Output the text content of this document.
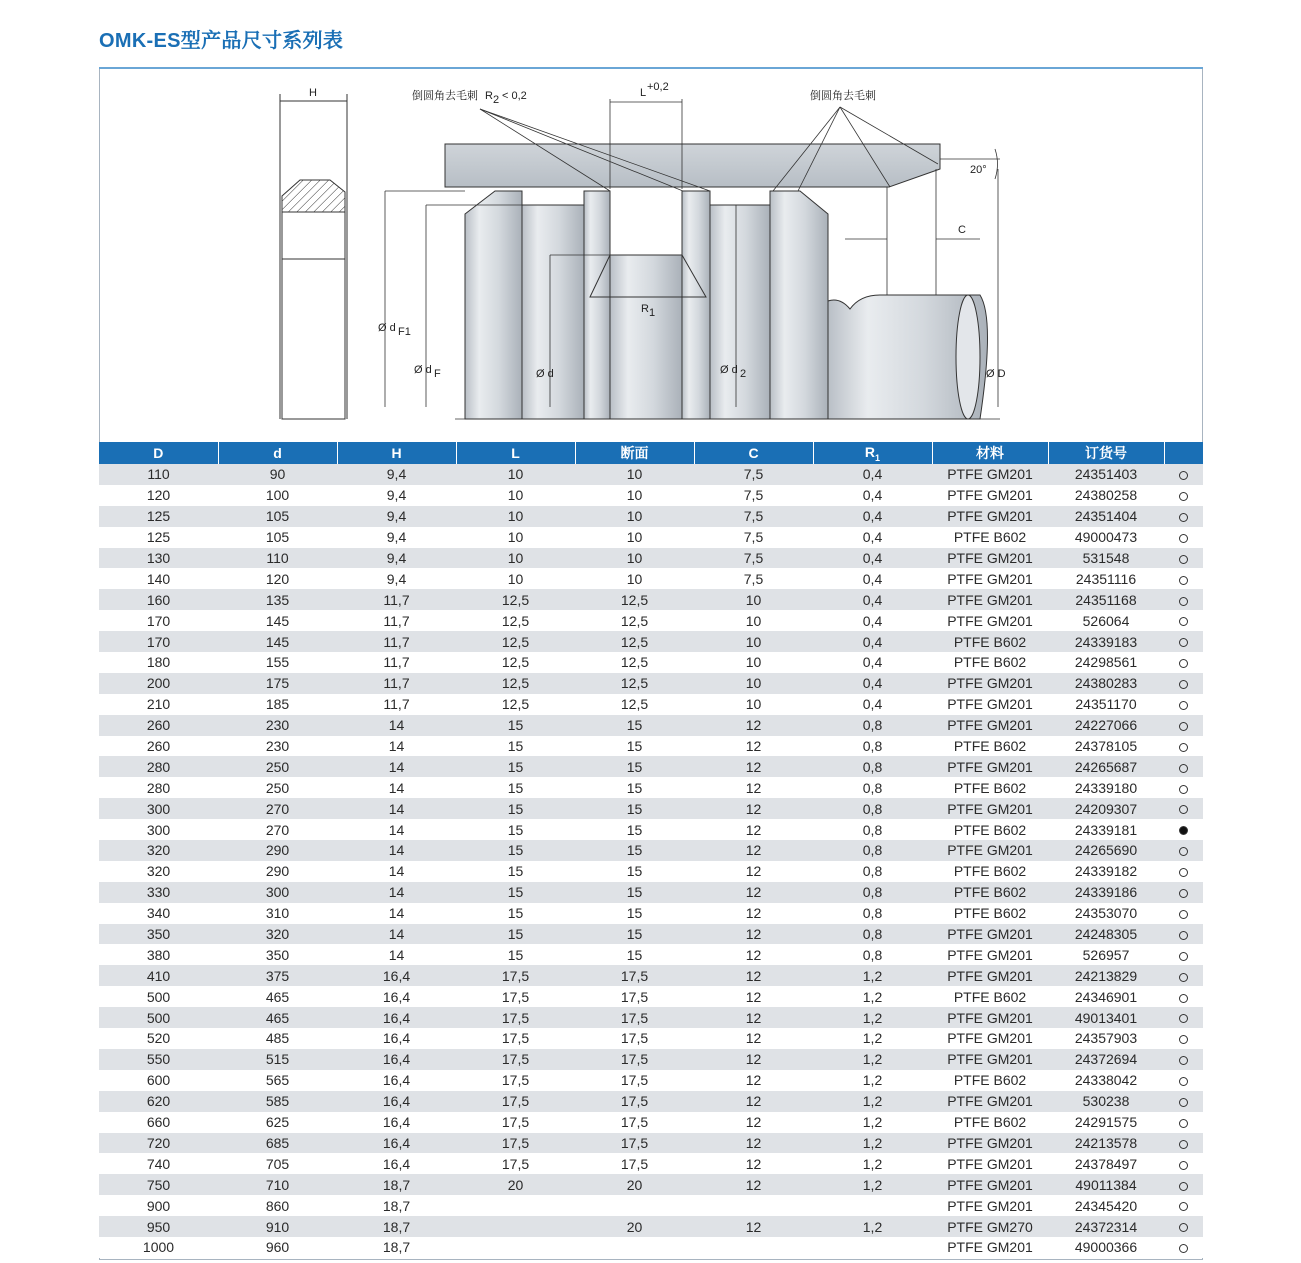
OMK-ES型产品尺寸系列表
H	倒圆角去毛刺 R 2 < 0,2	L +0,2
倒圆角去毛刺
20°
C
R 1
Ø d F1
Ø d F	Ø d	Ø d 2	Ø D
D	d	H	L	断面	C	$R_1$	材料	订货号	
110	90	9,4	10	10	7,5	0,4	PTFE GM201	24351403	
120	100	9,4	10	10	7,5	0,4	PTFE GM201	24380258	
125	105	9,4	10	10	7,5	0,4	PTFE GM201	24351404	
125	105	9,4	10	10	7,5	0,4	PTFE B602	49000473	
130	110	9,4	10	10	7,5	0,4	PTFE GM201	531548	
140	120	9,4	10	10	7,5	0,4	PTFE GM201	24351116	
160	135	11,7	12,5	12,5	10	0,4	PTFE GM201	24351168	
170	145	11,7	12,5	12,5	10	0,4	PTFE GM201	526064	
170	145	11,7	12,5	12,5	10	0,4	PTFE B602	24339183	
180	155	11,7	12,5	12,5	10	0,4	PTFE B602	24298561	
200	175	11,7	12,5	12,5	10	0,4	PTFE GM201	24380283	
210	185	11,7	12,5	12,5	10	0,4	PTFE GM201	24351170	
260	230	14	15	15	12	0,8	PTFE GM201	24227066	
260	230	14	15	15	12	0,8	PTFE B602	24378105	
280	250	14	15	15	12	0,8	PTFE GM201	24265687	
280	250	14	15	15	12	0,8	PTFE B602	24339180	
300	270	14	15	15	12	0,8	PTFE GM201	24209307	
300	270	14	15	15	12	0,8	PTFE B602	24339181	
320	290	14	15	15	12	0,8	PTFE GM201	24265690	
320	290	14	15	15	12	0,8	PTFE B602	24339182	
330	300	14	15	15	12	0,8	PTFE B602	24339186	
340	310	14	15	15	12	0,8	PTFE B602	24353070	
350	320	14	15	15	12	0,8	PTFE GM201	24248305	
380	350	14	15	15	12	0,8	PTFE GM201	526957	
410	375	16,4	17,5	17,5	12	1,2	PTFE GM201	24213829	
500	465	16,4	17,5	17,5	12	1,2	PTFE B602	24346901	
500	465	16,4	17,5	17,5	12	1,2	PTFE GM201	49013401	
520	485	16,4	17,5	17,5	12	1,2	PTFE GM201	24357903	
550	515	16,4	17,5	17,5	12	1,2	PTFE GM201	24372694	
600	565	16,4	17,5	17,5	12	1,2	PTFE B602	24338042	
620	585	16,4	17,5	17,5	12	1,2	PTFE GM201	530238	
660	625	16,4	17,5	17,5	12	1,2	PTFE B602	24291575	
720	685	16,4	17,5	17,5	12	1,2	PTFE GM201	24213578	
740	705	16,4	17,5	17,5	12	1,2	PTFE GM201	24378497	
750	710	18,7	20	20	12	1,2	PTFE GM201	49011384	
900	860	18,7					PTFE GM201	24345420	
950	910	18,7		20	12	1,2	PTFE GM270	24372314	
1000	960	18,7					PTFE GM201	49000366	
